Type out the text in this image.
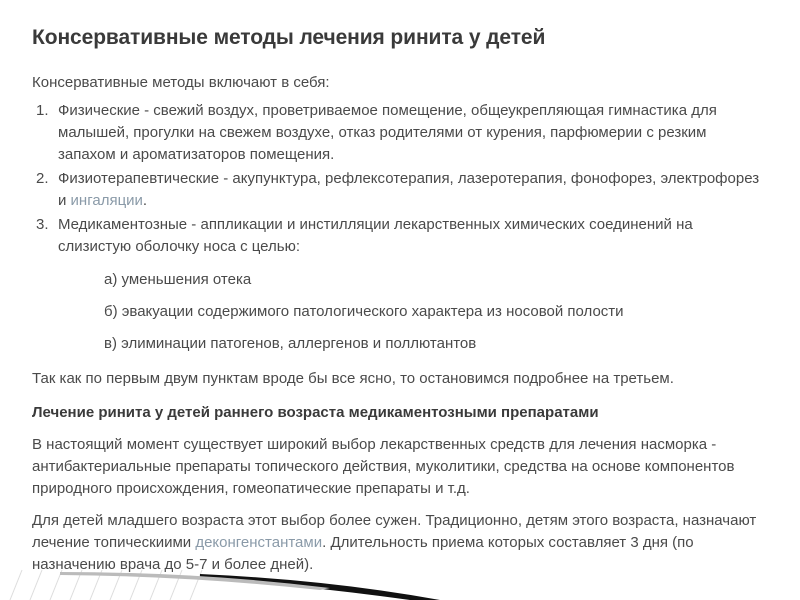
Консервативные методы лечения ринита у детей

Консервативные методы включают в себя:

1. Физические - свежий воздух, проветриваемое помещение, общеукрепляющая гимнастика для малышей, прогулки на свежем воздухе, отказ родителями от курения, парфюмерии с резким запахом и ароматизаторов помещения.
2. Физиотерапевтические - акупунктура, рефлексотерапия, лазеротерапия, фонофорез, электрофорез и ингаляции.
3. Медикаментозные - аппликации и инстилляции лекарственных химических соединений на слизистую оболочку носа с целью:
а) уменьшения отека
б) эвакуации содержимого патологического характера из носовой полости
в) элиминации патогенов, аллергенов и поллютантов

Так как по первым двум пунктам вроде бы все ясно, то остановимся подробнее на третьем.

Лечение ринита у детей раннего возраста медикаментозными препаратами

В настоящий момент существует широкий выбор лекарственных средств для лечения насморка - антибактериальные препараты топического действия, муколитики, средства на основе компонентов природного происхождения, гомеопатические препараты и т.д.

Для детей младшего возраста этот выбор более сужен. Традиционно, детям этого возраста, назначают лечение топическиими деконгенстантами. Длительность приема которых составляет 3 дня (по назначению врача до 5-7 и более дней).
